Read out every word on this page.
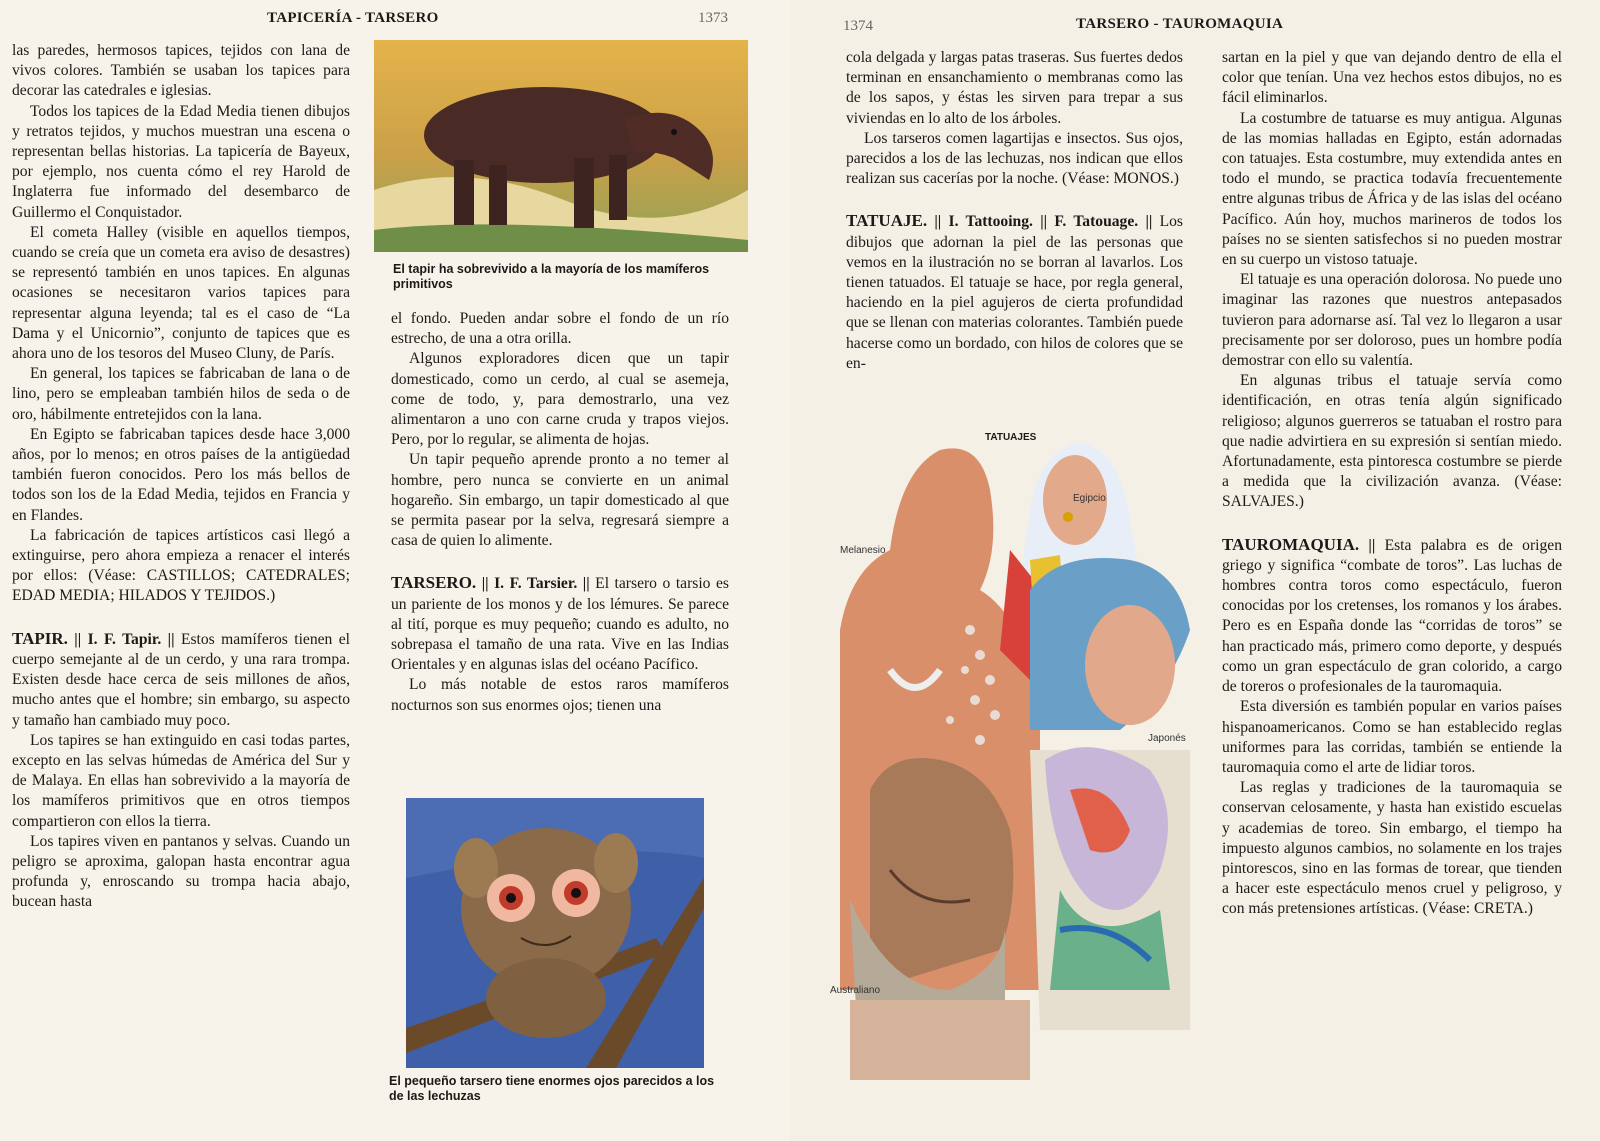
TAPICERÍA - TARSERO	1373

las paredes, hermosos tapices, tejidos con lana de vivos colores. También se usaban los tapices para decorar las catedrales e iglesias.

Todos los tapices de la Edad Media tienen dibujos y retratos tejidos, y muchos muestran una escena o representan bellas historias. La tapicería de Bayeux, por ejemplo, nos cuenta cómo el rey Harold de Inglaterra fue informado del desembarco de Guillermo el Conquistador.

El cometa Halley (visible en aquellos tiempos, cuando se creía que un cometa era aviso de desastres) se representó también en unos tapices. En algunas ocasiones se necesitaron varios tapices para representar alguna leyenda; tal es el caso de “La Dama y el Unicornio”, conjunto de tapices que es ahora uno de los tesoros del Museo Cluny, de París.

En general, los tapices se fabricaban de lana o de lino, pero se empleaban también hilos de seda o de oro, hábilmente entretejidos con la lana.

En Egipto se fabricaban tapices desde hace 3,000 años, por lo menos; en otros países de la antigüedad también fueron conocidos. Pero los más bellos de todos son los de la Edad Media, tejidos en Francia y en Flandes.

La fabricación de tapices artísticos casi llegó a extinguirse, pero ahora empieza a renacer el interés por ellos: (Véase: CASTILLOS; CATEDRALES; EDAD MEDIA; HILADOS Y TEJIDOS.)

TAPIR. || I. F. Tapir. || Estos mamíferos tienen el cuerpo semejante al de un cerdo, y una rara trompa. Existen desde hace cerca de seis millones de años, mucho antes que el hombre; sin embargo, su aspecto y tamaño han cambiado muy poco.

Los tapires se han extinguido en casi todas partes, excepto en las selvas húmedas de América del Sur y de Malaya. En ellas han sobrevivido a la mayoría de los mamíferos primitivos que en otros tiempos compartieron con ellos la tierra.

Los tapires viven en pantanos y selvas. Cuando un peligro se aproxima, galopan hasta encontrar agua profunda y, enroscando su trompa hacia abajo, bucean hasta

El tapir ha sobrevivido a la mayoría de los mamíferos primitivos

el fondo. Pueden andar sobre el fondo de un río estrecho, de una a otra orilla.

Algunos exploradores dicen que un tapir domesticado, como un cerdo, al cual se asemeja, come de todo, y, para demostrarlo, una vez alimentaron a uno con carne cruda y trapos viejos. Pero, por lo regular, se alimenta de hojas.

Un tapir pequeño aprende pronto a no temer al hombre, pero nunca se convierte en un animal hogareño. Sin embargo, un tapir domesticado al que se permita pasear por la selva, regresará siempre a casa de quien lo alimente.

TARSERO. || I. F. Tarsier. || El tarsero o tarsio es un pariente de los monos y de los lémures. Se parece al tití, porque es muy pequeño; cuando es adulto, no sobrepasa el tamaño de una rata. Vive en las Indias Orientales y en algunas islas del océano Pacífico.

Lo más notable de estos raros mamíferos nocturnos son sus enormes ojos; tienen una

El pequeño tarsero tiene enormes ojos parecidos a los de las lechuzas
1374	TARSERO - TAUROMAQUIA

cola delgada y largas patas traseras. Sus fuertes dedos terminan en ensanchamiento o membranas como las de los sapos, y éstas les sirven para trepar a sus viviendas en lo alto de los árboles.

Los tarseros comen lagartijas e insectos. Sus ojos, parecidos a los de las lechuzas, nos indican que ellos realizan sus cacerías por la noche. (Véase: MONOS.)

TATUAJE. || I. Tattooing. || F. Tatouage. || Los dibujos que adornan la piel de las personas que vemos en la ilustración no se borran al lavarlos. Los tienen tatuados. El tatuaje se hace, por regla general, haciendo en la piel agujeros de cierta profundidad que se llenan con materias colorantes. También puede hacerse como un bordado, con hilos de colores que se en-

TATUAJES
Egipcio
Melanesio
Japonés
Australiano

sartan en la piel y que van dejando dentro de ella el color que tenían. Una vez hechos estos dibujos, no es fácil eliminarlos.

La costumbre de tatuarse es muy antigua. Algunas de las momias halladas en Egipto, están adornadas con tatuajes. Esta costumbre, muy extendida antes en todo el mundo, se practica todavía frecuentemente entre algunas tribus de África y de las islas del océano Pacífico. Aún hoy, muchos marineros de todos los países no se sienten satisfechos si no pueden mostrar en su cuerpo un vistoso tatuaje.

El tatuaje es una operación dolorosa. No puede uno imaginar las razones que nuestros antepasados tuvieron para adornarse así. Tal vez lo llegaron a usar precisamente por ser doloroso, pues un hombre podía demostrar con ello su valentía.

En algunas tribus el tatuaje servía como identificación, en otras tenía algún significado religioso; algunos guerreros se tatuaban el rostro para que nadie advirtiera en su expresión si sentían miedo. Afortunadamente, esta pintoresca costumbre se pierde a medida que la civilización avanza. (Véase: SALVAJES.)

TAUROMAQUIA. || Esta palabra es de origen griego y significa “combate de toros”. Las luchas de hombres contra toros como espectáculo, fueron conocidas por los cretenses, los romanos y los árabes. Pero es en España donde las “corridas de toros” se han practicado más, primero como deporte, y después como un gran espectáculo de gran colorido, a cargo de toreros o profesionales de la tauromaquia.

Esta diversión es también popular en varios países hispanoamericanos. Como se han establecido reglas uniformes para las corridas, también se entiende la tauromaquia como el arte de lidiar toros.

Las reglas y tradiciones de la tauromaquia se conservan celosamente, y hasta han existido escuelas y academias de toreo. Sin embargo, el tiempo ha impuesto algunos cambios, no solamente en los trajes pintorescos, sino en las formas de torear, que tienden a hacer este espectáculo menos cruel y peligroso, y con más pretensiones artísticas. (Véase: CRETA.)
